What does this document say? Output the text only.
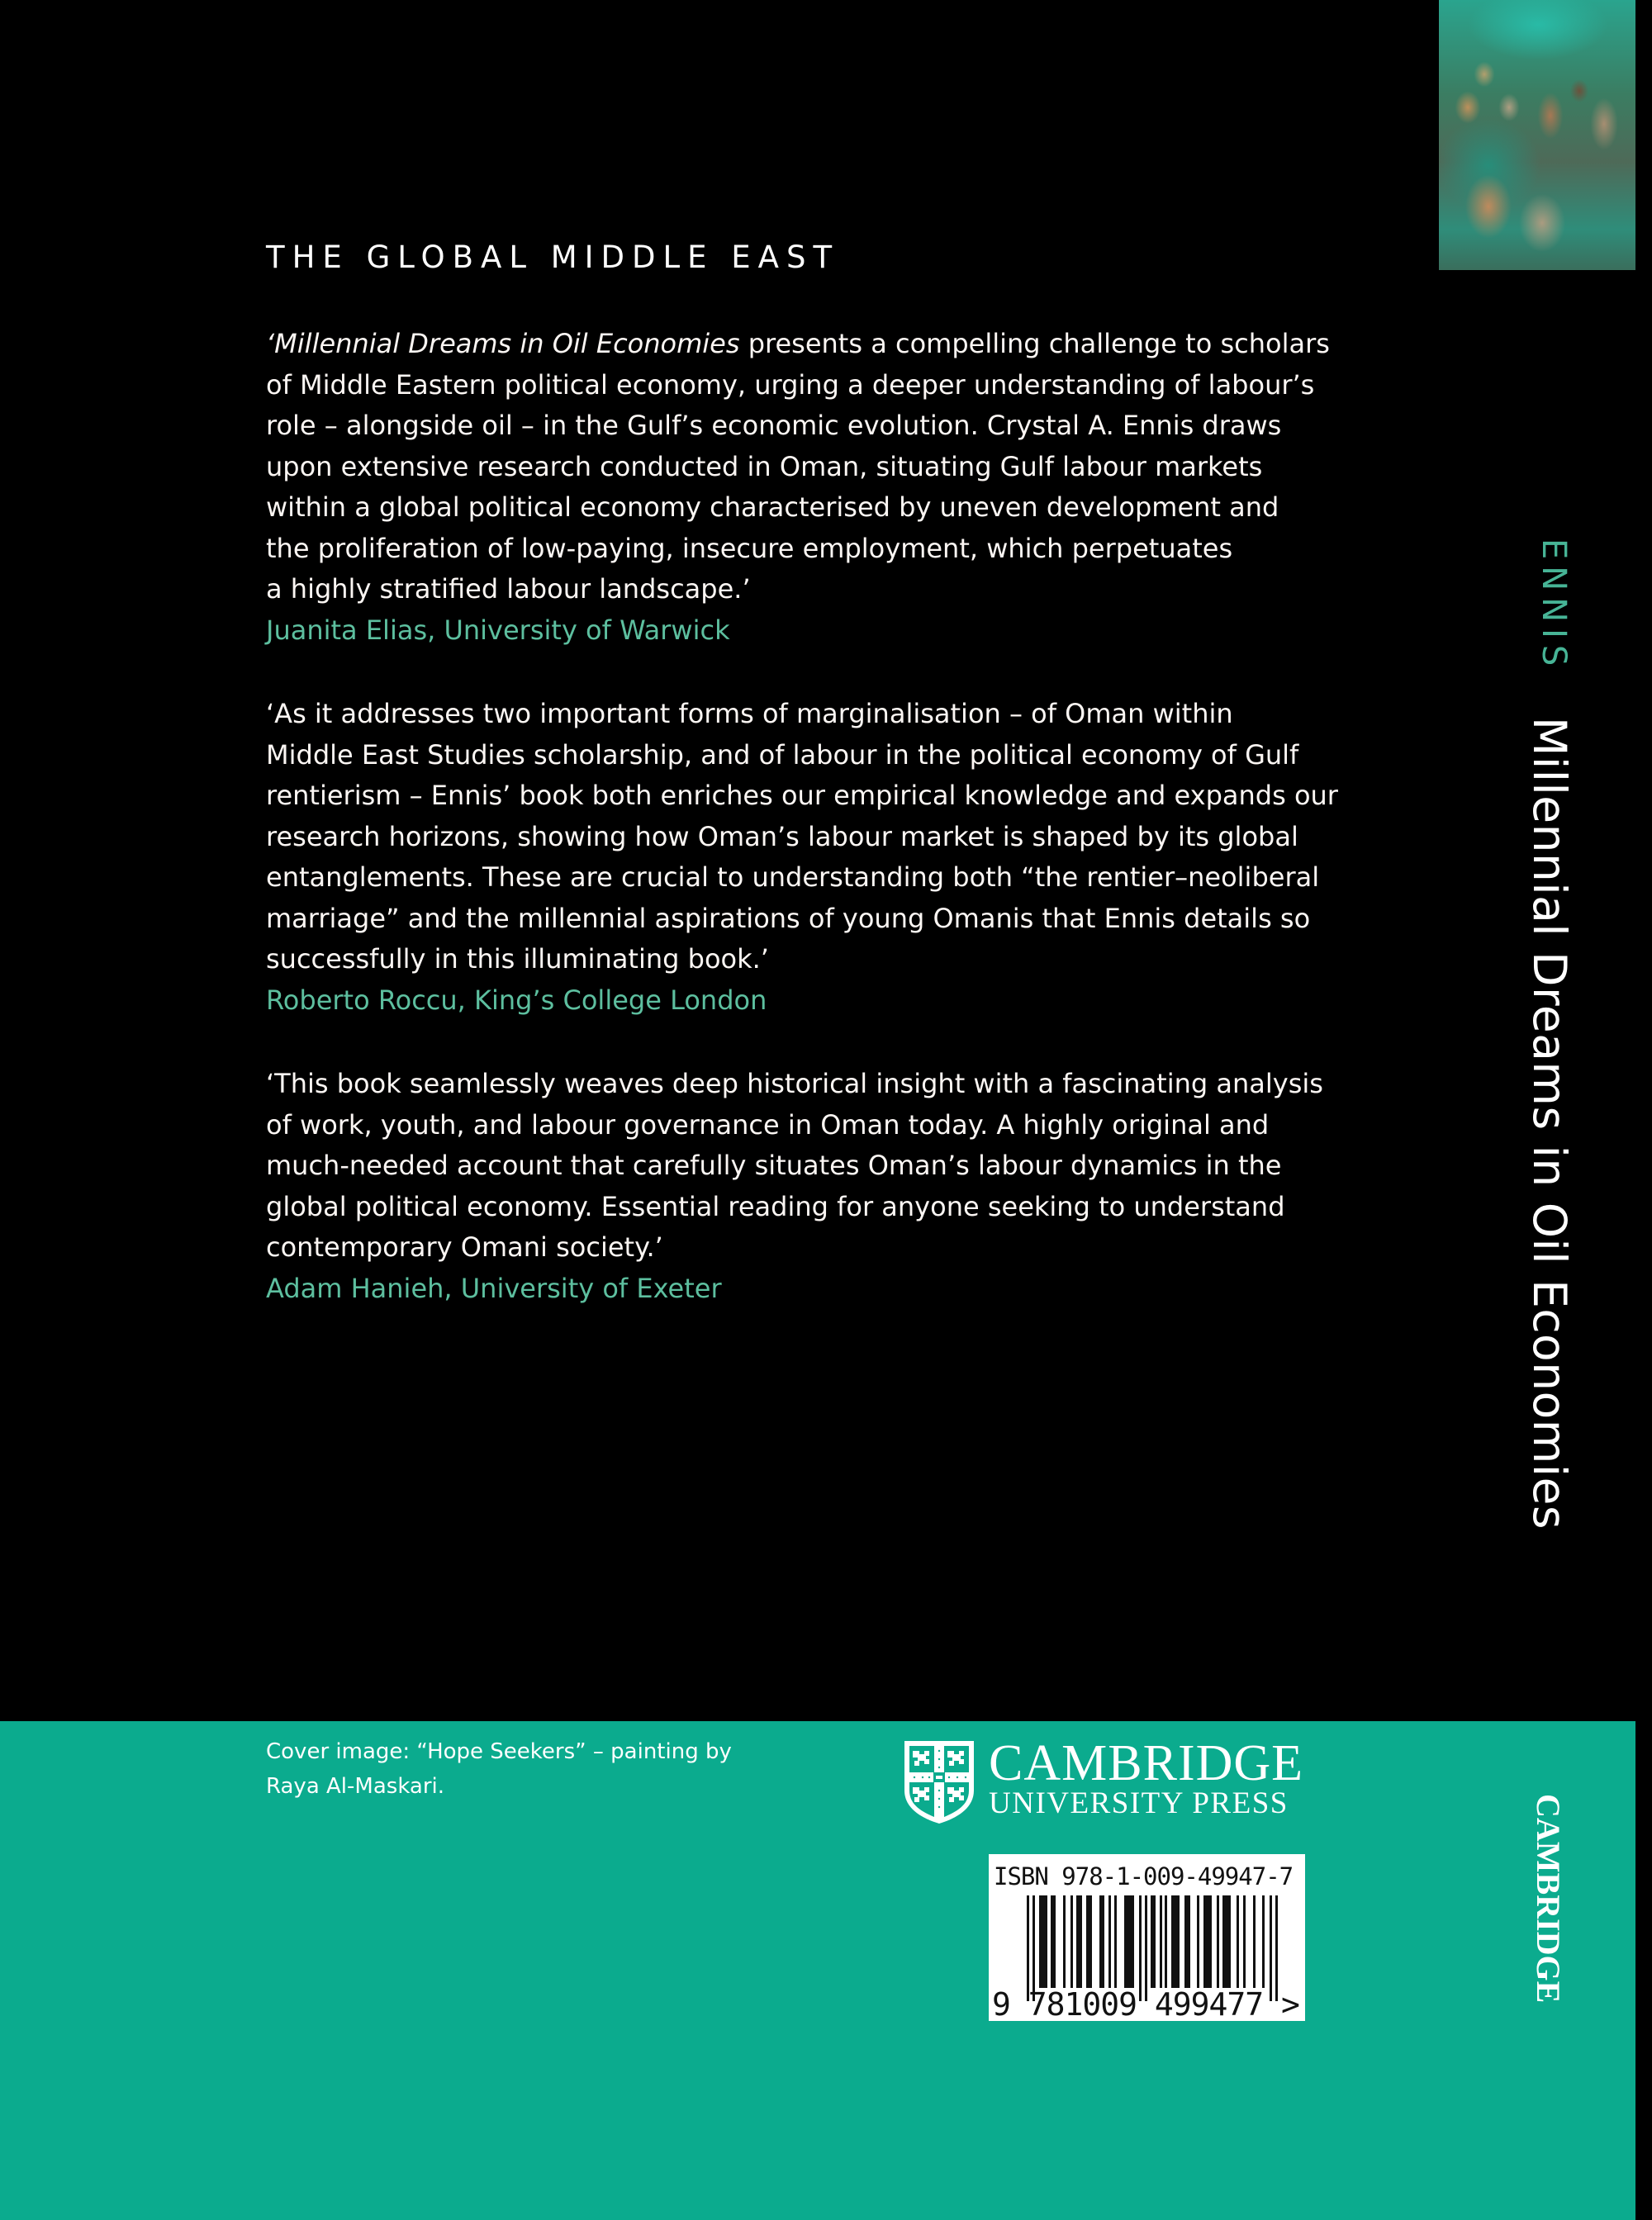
THE GLOBAL MIDDLE EAST
‘Millennial Dreams in Oil Economies presents a compelling challenge to scholars
of Middle Eastern political economy, urging a deeper understanding of labour’s
role – alongside oil – in the Gulf’s economic evolution. Crystal A. Ennis draws
upon extensive research conducted in Oman, situating Gulf labour markets
within a global political economy characterised by uneven development and
the proliferation of low-paying, insecure employment, which perpetuates
a highly stratified labour landscape.’
Juanita Elias, University of Warwick
‘As it addresses two important forms of marginalisation – of Oman within
Middle East Studies scholarship, and of labour in the political economy of Gulf
rentierism – Ennis’ book both enriches our empirical knowledge and expands our
research horizons, showing how Oman’s labour market is shaped by its global
entanglements. These are crucial to understanding both “the rentier–neoliberal
marriage” and the millennial aspirations of young Omanis that Ennis details so
successfully in this illuminating book.’
Roberto Roccu, King’s College London
‘This book seamlessly weaves deep historical insight with a fascinating analysis
of work, youth, and labour governance in Oman today. A highly original and
much-needed account that carefully situates Oman’s labour dynamics in the
global political economy. Essential reading for anyone seeking to understand
contemporary Omani society.’
Adam Hanieh, University of Exeter
ENNIS
Millennial Dreams in Oil Economies
Cover image: “Hope Seekers” – painting by
Raya Al-Maskari.	CAMBRIDGE
UNIVERSITY PRESS
ISBN 978-1-009-49947-7
9 781009 499477 >
CAMBRIDGE
